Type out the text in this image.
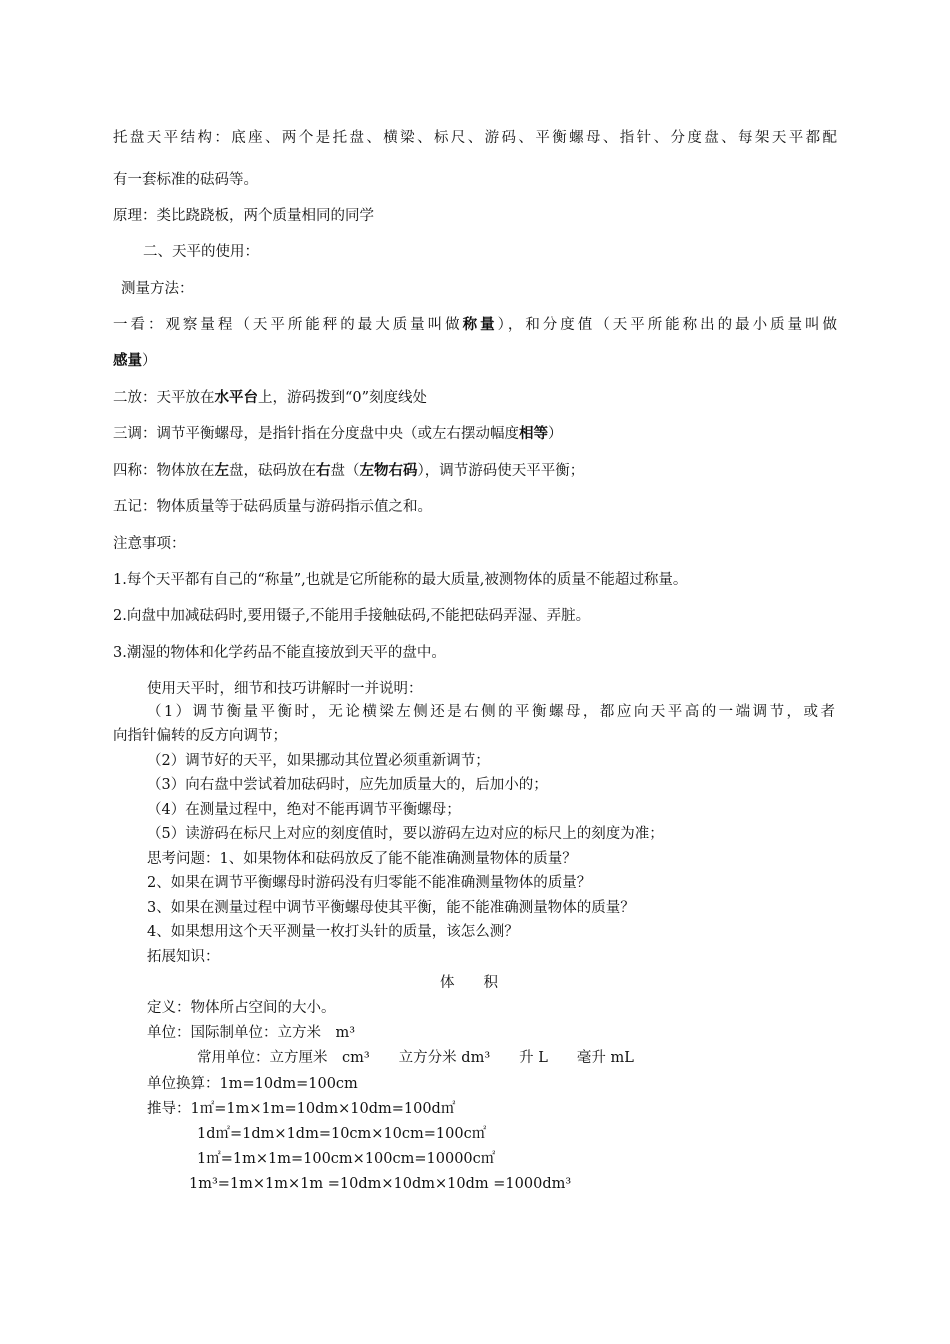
托盘天平结构：底座、两个是托盘、横梁、标尺、游码、平衡螺母、指针、分度盘、每架天平都配
有一套标准的砝码等。
原理：类比跷跷板，两个质量相同的同学
二、天平的使用：
测量方法：
一看：观察量程（天平所能秤的最大质量叫做称量），和分度值（天平所能称出的最小质量叫做
感量）
二放：天平放在水平台上，游码拨到“0”刻度线处
三调：调节平衡螺母，是指针指在分度盘中央（或左右摆动幅度相等）
四称：物体放在左盘，砝码放在右盘（左物右码），调节游码使天平平衡；
五记：物体质量等于砝码质量与游码指示值之和。
注意事项：
1.每个天平都有自己的“称量”,也就是它所能称的最大质量,被测物体的质量不能超过称量。
2.向盘中加减砝码时,要用镊子,不能用手接触砝码,不能把砝码弄湿、弄脏。
3.潮湿的物体和化学药品不能直接放到天平的盘中。
使用天平时，细节和技巧讲解时一并说明：
（1）调节衡量平衡时，无论横梁左侧还是右侧的平衡螺母，都应向天平高的一端调节，或者
向指针偏转的反方向调节；
（2）调节好的天平，如果挪动其位置必须重新调节；
（3）向右盘中尝试着加砝码时，应先加质量大的，后加小的；
（4）在测量过程中，绝对不能再调节平衡螺母；
（5）读游码在标尺上对应的刻度值时，要以游码左边对应的标尺上的刻度为准；
思考问题：1、如果物体和砝码放反了能不能准确测量物体的质量？
2、如果在调节平衡螺母时游码没有归零能不能准确测量物体的质量？
3、如果在测量过程中调节平衡螺母使其平衡，能不能准确测量物体的质量？
4、如果想用这个天平测量一枚打头针的质量，该怎么测？
拓展知识：
体　　积
定义：物体所占空间的大小。
单位：国际制单位：立方米　m³
常用单位：立方厘米　cm³　　立方分米 dm³　　升 L　　毫升 mL
单位换算：1m=10dm=100cm
推导：1㎡=1m×1m=10dm×10dm=100d㎡
1d㎡=1dm×1dm=10cm×10cm=100c㎡
1㎡=1m×1m=100cm×100cm=10000c㎡
1m³=1m×1m×1m =10dm×10dm×10dm =1000dm³
